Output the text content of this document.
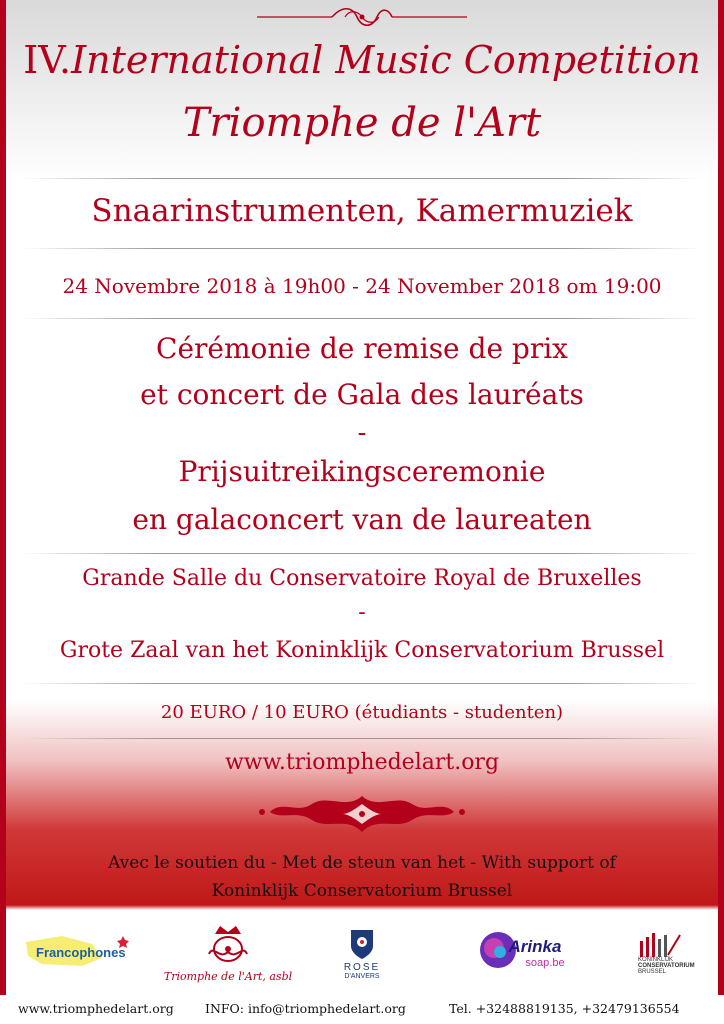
IV.International Music Competition
Triomphe de l'Art
Snaarinstrumenten, Kamermuziek
24 Novembre 2018 à 19h00 - 24 November 2018 om 19:00
Cérémonie de remise de prix
et concert de Gala des lauréats
-
Prijsuitreikingsceremonie
en galaconcert van de laureaten
Grande Salle du Conservatoire Royal de Bruxelles
-
Grote Zaal van het Koninklijk Conservatorium Brussel
20 EURO / 10 EURO (étudiants - studenten)
www.triomphedelart.org
Avec le soutien du - Met de steun van het - With support of
Koninklijk Conservatorium Brussel
Francophones
Triomphe de l'Art, asbl
ROSE
D'ANVERS
Arinka
soap.be	KONINKLIJK
CONSERVATORIUM
BRUSSEL
www.triomphedelart.org	INFO: info@triomphedelart.org	Tel. +32488819135, +32479136554
